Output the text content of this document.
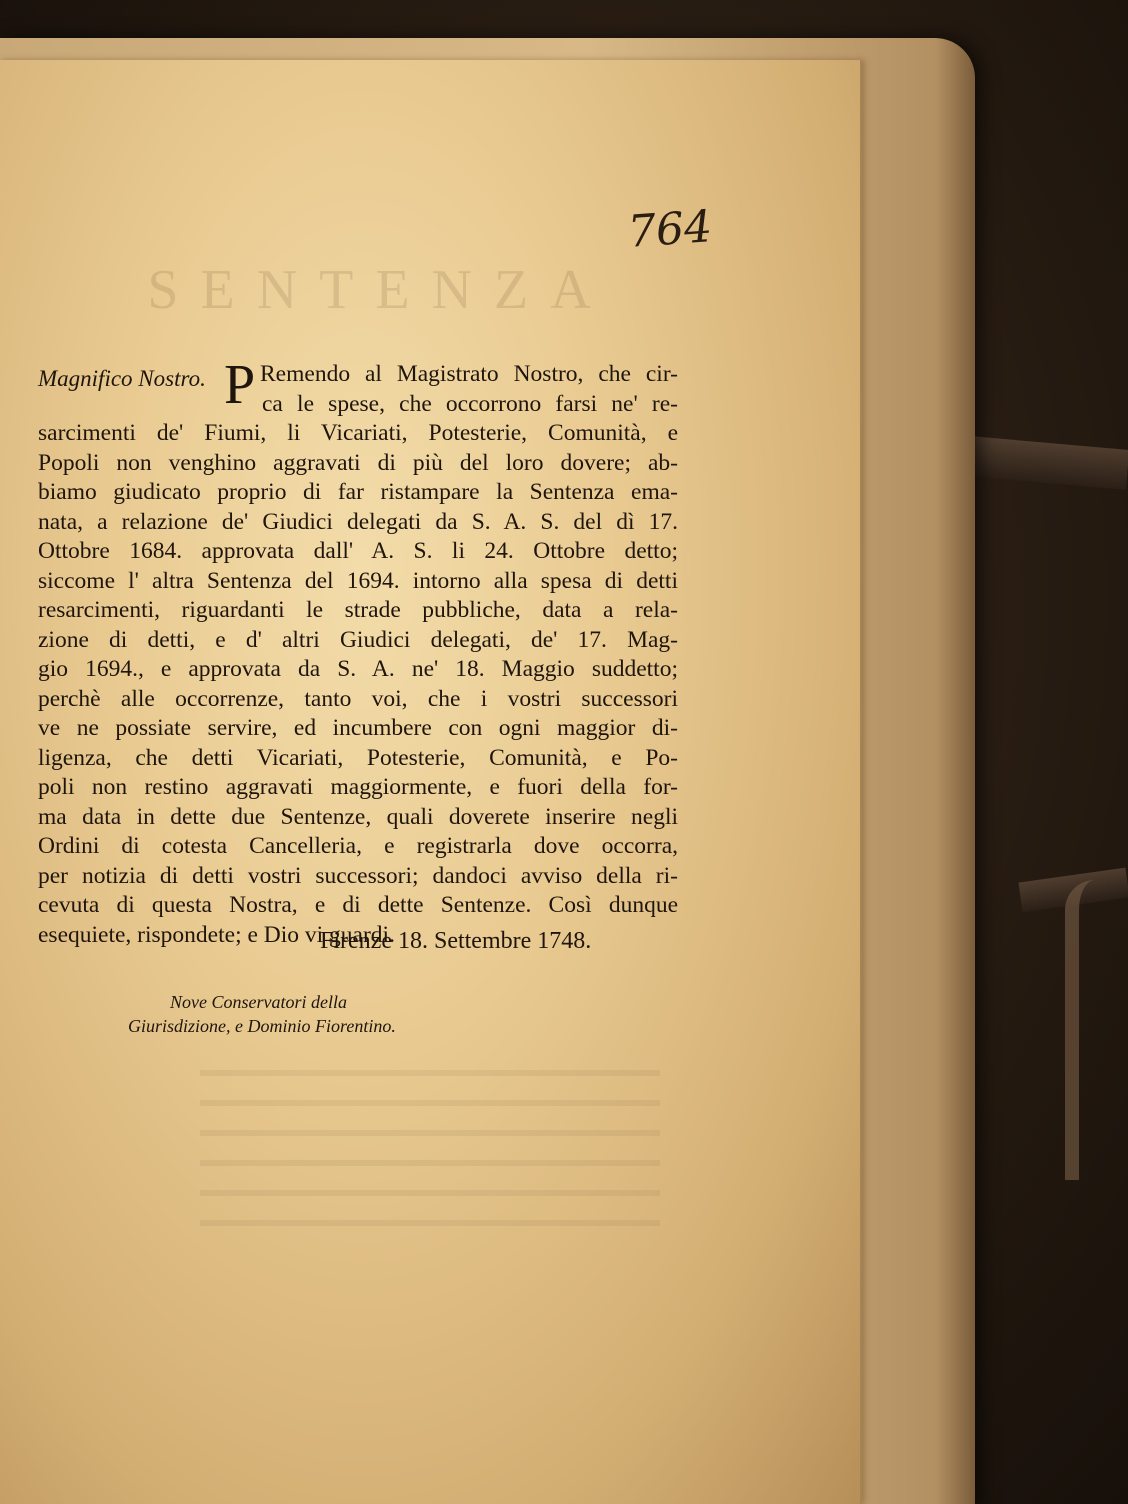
SENTENZA
764
Magnifico Nostro. P Remendo al Magistrato Nostro, che cir-
ca le spese, che occorrono farsi ne' re-
sarcimenti de' Fiumi, li Vicariati, Potesterie, Comunità, e
Popoli non venghino aggravati di più del loro dovere; ab-
biamo giudicato proprio di far ristampare la Sentenza ema-
nata, a relazione de' Giudici delegati da S. A. S. del dì 17.
Ottobre 1684. approvata dall' A. S. li 24. Ottobre detto;
siccome l' altra Sentenza del 1694. intorno alla spesa di detti
resarcimenti, riguardanti le strade pubbliche, data a rela-
zione di detti, e d' altri Giudici delegati, de' 17. Mag-
gio 1694., e approvata da S. A. ne' 18. Maggio suddetto;
perchè alle occorrenze, tanto voi, che i vostri successori
ve ne possiate servire, ed incumbere con ogni maggior di-
ligenza, che detti Vicariati, Potesterie, Comunità, e Po-
poli non restino aggravati maggiormente, e fuori della for-
ma data in dette due Sentenze, quali doverete inserire negli
Ordini di cotesta Cancelleria, e registrarla dove occorra,
per notizia di detti vostri successori; dandoci avviso della ri-
cevuta di questa Nostra, e di dette Sentenze. Così dunque
esequiete, rispondete; e Dio vi guardi.

Firenze 18. Settembre 1748.
Nove Conservatori della
Giurisdizione, e Dominio Fiorentino.
